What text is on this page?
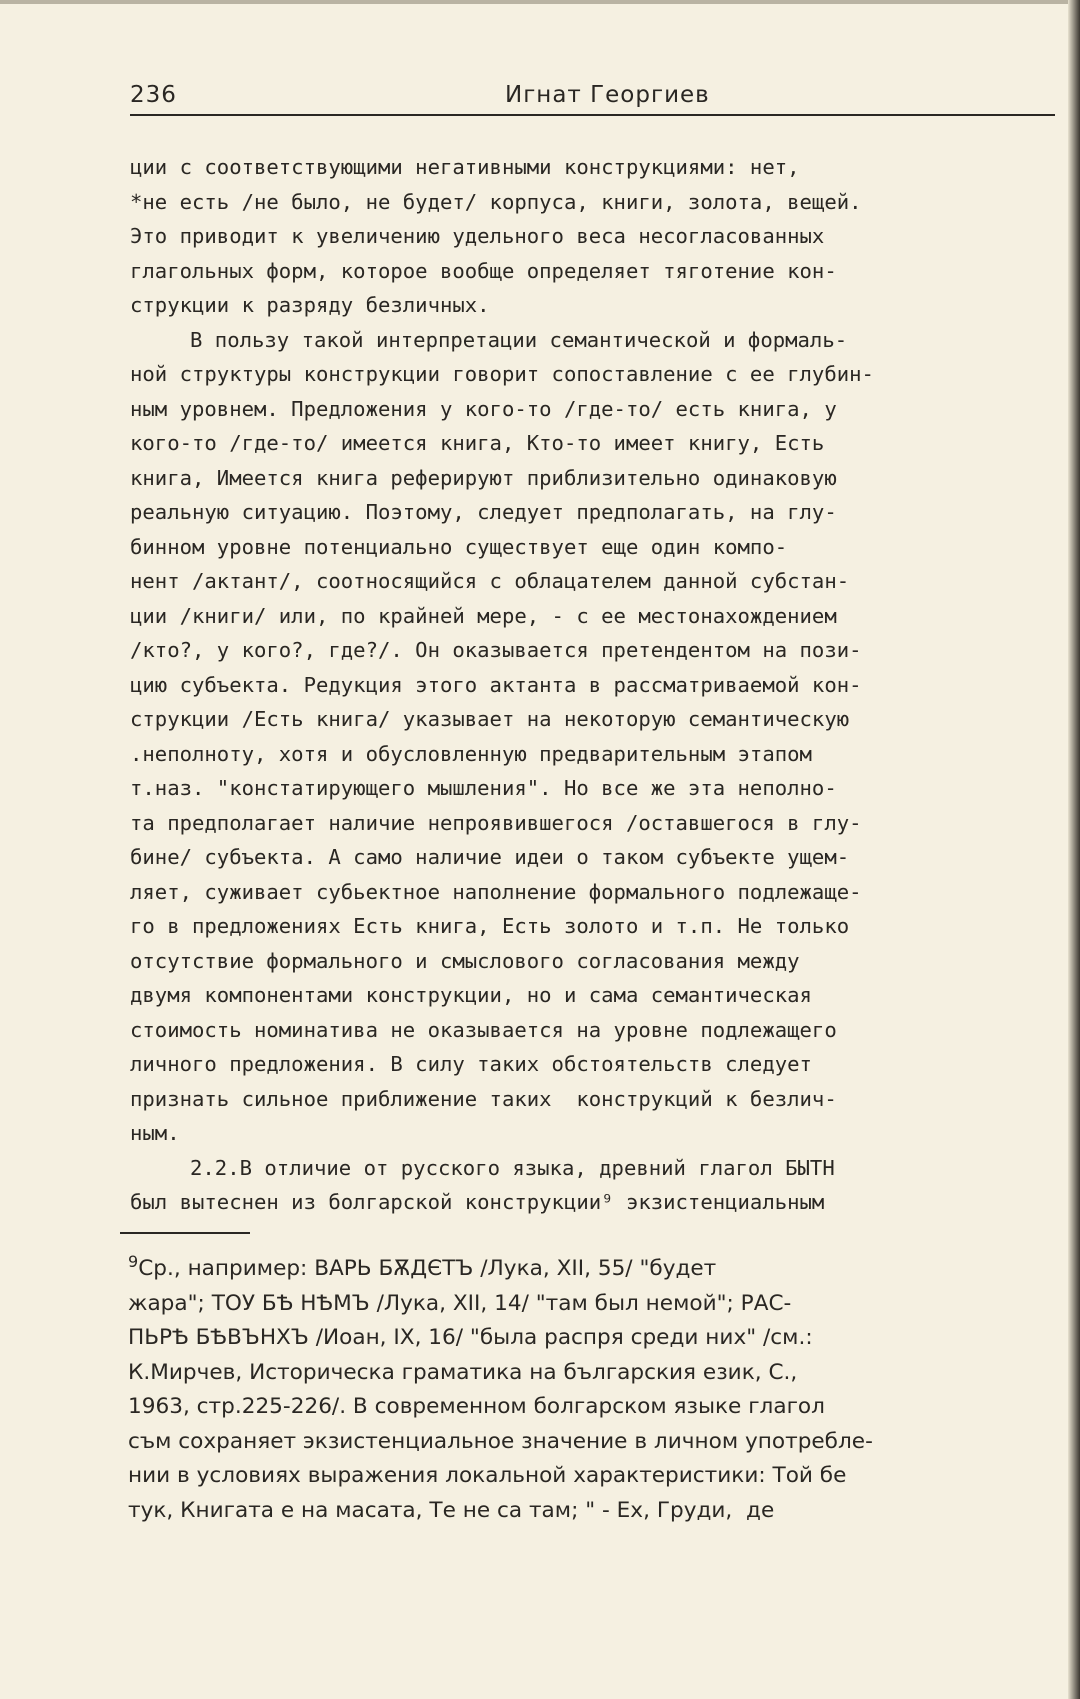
236	Игнат Георгиев
ции с соответствующими негативными конструкциями: нет,
*не есть /не было, не будет/ корпуса, книги, золота, вещей.
Это приводит к увеличению удельного веса несогласованных
глагольных форм, которое вообще определяет тяготение кон-
струкции к разряду безличных.
В пользу такой интерпретации семантической и формаль-
ной структуры конструкции говорит сопоставление с ее глубин-
ным уровнем. Предложения у кого-то /где-то/ есть книга, у
кого-то /где-то/ имеется книга, Кто-то имеет книгу, Есть
книга, Имеется книга реферируют приблизительно одинаковую
реальную ситуацию. Поэтому, следует предполагать, на глу-
бинном уровне потенциально существует еще один компо-
нент /актант/, соотносящийся с облацателем данной субстан-
ции /книги/ или, по крайней мере, - с ее местонахождением
/кто?, у кого?, где?/. Он оказывается претендентом на пози-
цию субъекта. Редукция этого актанта в рассматриваемой кон-
струкции /Есть книга/ указывает на некоторую семантическую
.неполноту, хотя и обусловленную предварительным этапом
т.наз. "констатирующего мышления". Но все же эта неполно-
та предполагает наличие непроявившегося /оставшегося в глу-
бине/ субъекта. А само наличие идеи о таком субъекте ущем-
ляет, суживает субьектное наполнение формального подлежаще-
го в предложениях Есть книга, Есть золото и т.п. Не только
отсутствие формального и смыслового согласования между
двумя компонентами конструкции, но и сама семантическая
стоимость номинатива не оказывается на уровне подлежащего
личного предложения. В силу таких обстоятельств следует
признать сильное приближение таких  конструкций к безлич-
ным.
2.2.В отличие от русского языка, древний глагол БЫТН
был вытеснен из болгарской конструкции⁹ экзистенциальным
$^9$Ср., например: ВАРЬ БѪДЄТЪ /Лука, XII, 55/ "будет
жара"; ТОУ БѢ НѢМЪ /Лука, XII, 14/ "там был немой"; РАС-
ПЬРѢ БѢВЪНХЪ /Иоан, IX, 16/ "была распря среди них" /см.:
К.Мирчев, Историческа граматика на българския език, С.,
1963, стр.225-226/. В современном болгарском языке глагол
съм сохраняет экзистенциальное значение в личном употребле-
нии в условиях выражения локальной характеристики: Той бе
тук, Книгата е на масата, Те не са там; " - Ех, Груди,  де
